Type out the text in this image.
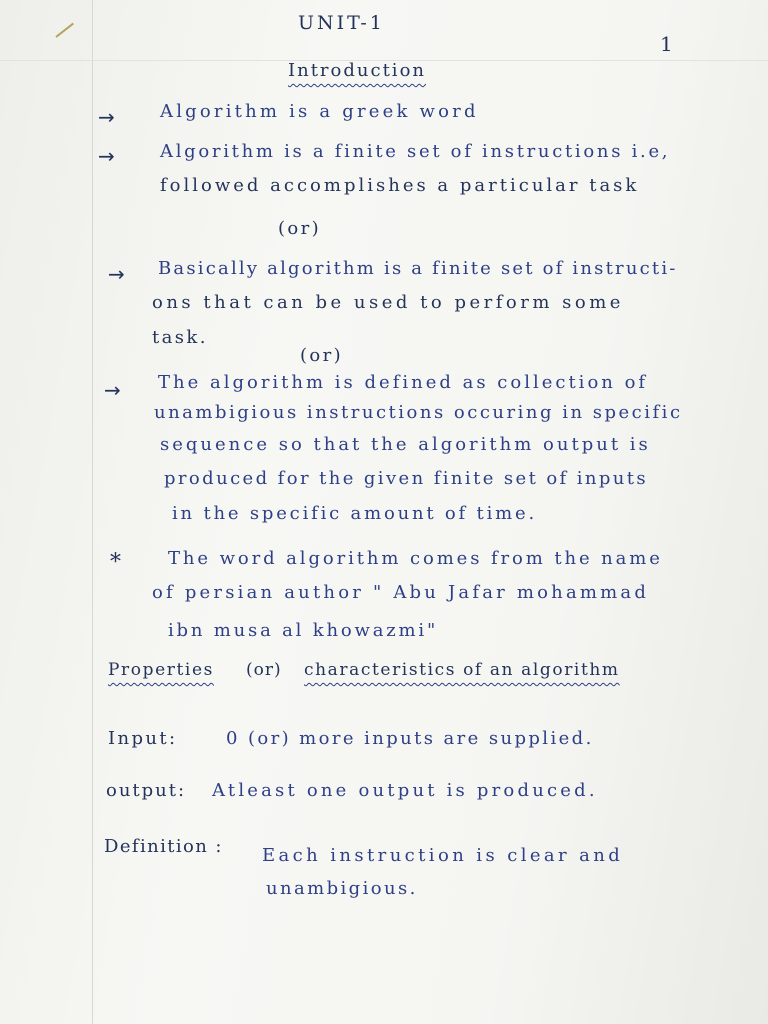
UNIT-1
1
Introduction
→	Algorithm is a greek word
→	Algorithm is a finite set of instructions i.e,
followed accomplishes a particular task
(or)
→ Basically algorithm is a finite set of instructi-
ons that can be used to perform some
task.
(or)
→ The algorithm is defined as collection of
unambigious instructions occuring in specific
sequence so that the algorithm output is
produced for the given finite set of inputs
in the specific amount of time.
* The word algorithm comes from the name
of persian author " Abu Jafar mohammad
ibn musa al khowazmi"
Properties (or) characteristics of an algorithm
Input:	0 (or) more inputs are supplied.
output: Atleast one output is produced.
Definition : Each instruction is clear and
unambigious.
